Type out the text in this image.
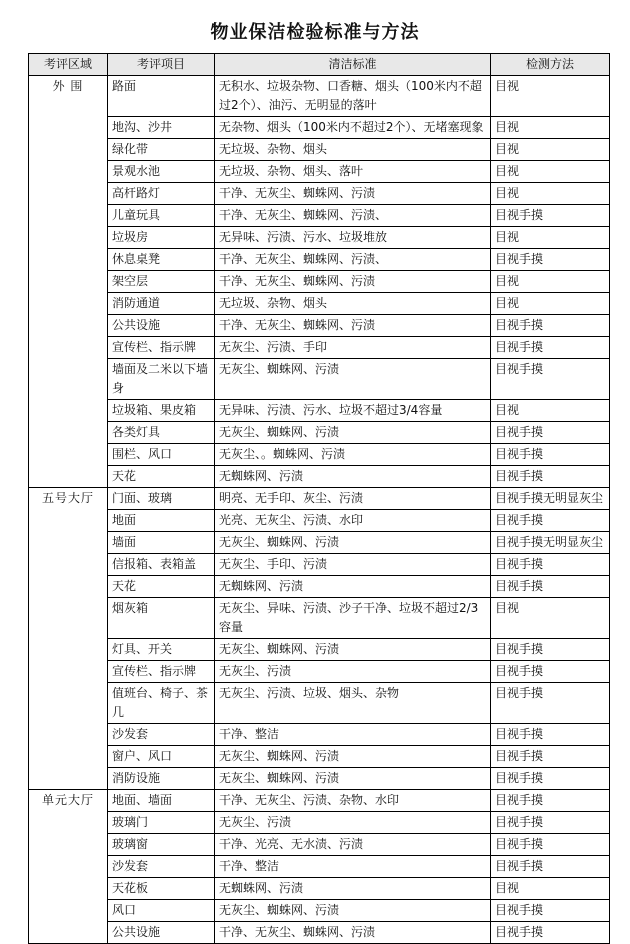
物业保洁检验标准与方法
考评区域	考评项目	清洁标准	检测方法
外 围	路面	无积水、垃圾杂物、口香糖、烟头（100米内不超过2个）、油污、无明显的落叶	目视
	地沟、沙井	无杂物、烟头（100米内不超过2个）、无堵塞现象	目视
	绿化带	无垃圾、杂物、烟头	目视
	景观水池	无垃圾、杂物、烟头、落叶	目视
	高杆路灯	干净、无灰尘、蜘蛛网、污渍	目视
	儿童玩具	干净、无灰尘、蜘蛛网、污渍、	目视手摸
	垃圾房	无异味、污渍、污水、垃圾堆放	目视
	休息桌凳	干净、无灰尘、蜘蛛网、污渍、	目视手摸
	架空层	干净、无灰尘、蜘蛛网、污渍	目视
	消防通道	无垃圾、杂物、烟头	目视
	公共设施	干净、无灰尘、蜘蛛网、污渍	目视手摸
	宣传栏、指示牌	无灰尘、污渍、手印	目视手摸
	墙面及二米以下墙身	无灰尘、蜘蛛网、污渍	目视手摸
	垃圾箱、果皮箱	无异味、污渍、污水、垃圾不超过3/4容量	目视
	各类灯具	无灰尘、蜘蛛网、污渍	目视手摸
	围栏、风口	无灰尘、。蜘蛛网、污渍	目视手摸
	天花	无蜘蛛网、污渍	目视手摸
五号大厅	门面、玻璃	明亮、无手印、灰尘、污渍	目视手摸无明显灰尘
	地面	光亮、无灰尘、污渍、水印	目视手摸
	墙面	无灰尘、蜘蛛网、污渍	目视手摸无明显灰尘
	信报箱、表箱盖	无灰尘、手印、污渍	目视手摸
	天花	无蜘蛛网、污渍	目视手摸
	烟灰箱	无灰尘、异味、污渍、沙子干净、垃圾不超过2/3容量	目视
	灯具、开关	无灰尘、蜘蛛网、污渍	目视手摸
	宣传栏、指示牌	无灰尘、污渍	目视手摸
	值班台、椅子、茶几	无灰尘、污渍、垃圾、烟头、杂物	目视手摸
	沙发套	干净、整洁	目视手摸
	窗户、风口	无灰尘、蜘蛛网、污渍	目视手摸
	消防设施	无灰尘、蜘蛛网、污渍	目视手摸
单元大厅	地面、墙面	干净、无灰尘、污渍、杂物、水印	目视手摸
	玻璃门	无灰尘、污渍	目视手摸
	玻璃窗	干净、光亮、无水渍、污渍	目视手摸
	沙发套	干净、整洁	目视手摸
	天花板	无蜘蛛网、污渍	目视
	风口	无灰尘、蜘蛛网、污渍	目视手摸
	公共设施	干净、无灰尘、蜘蛛网、污渍	目视手摸
